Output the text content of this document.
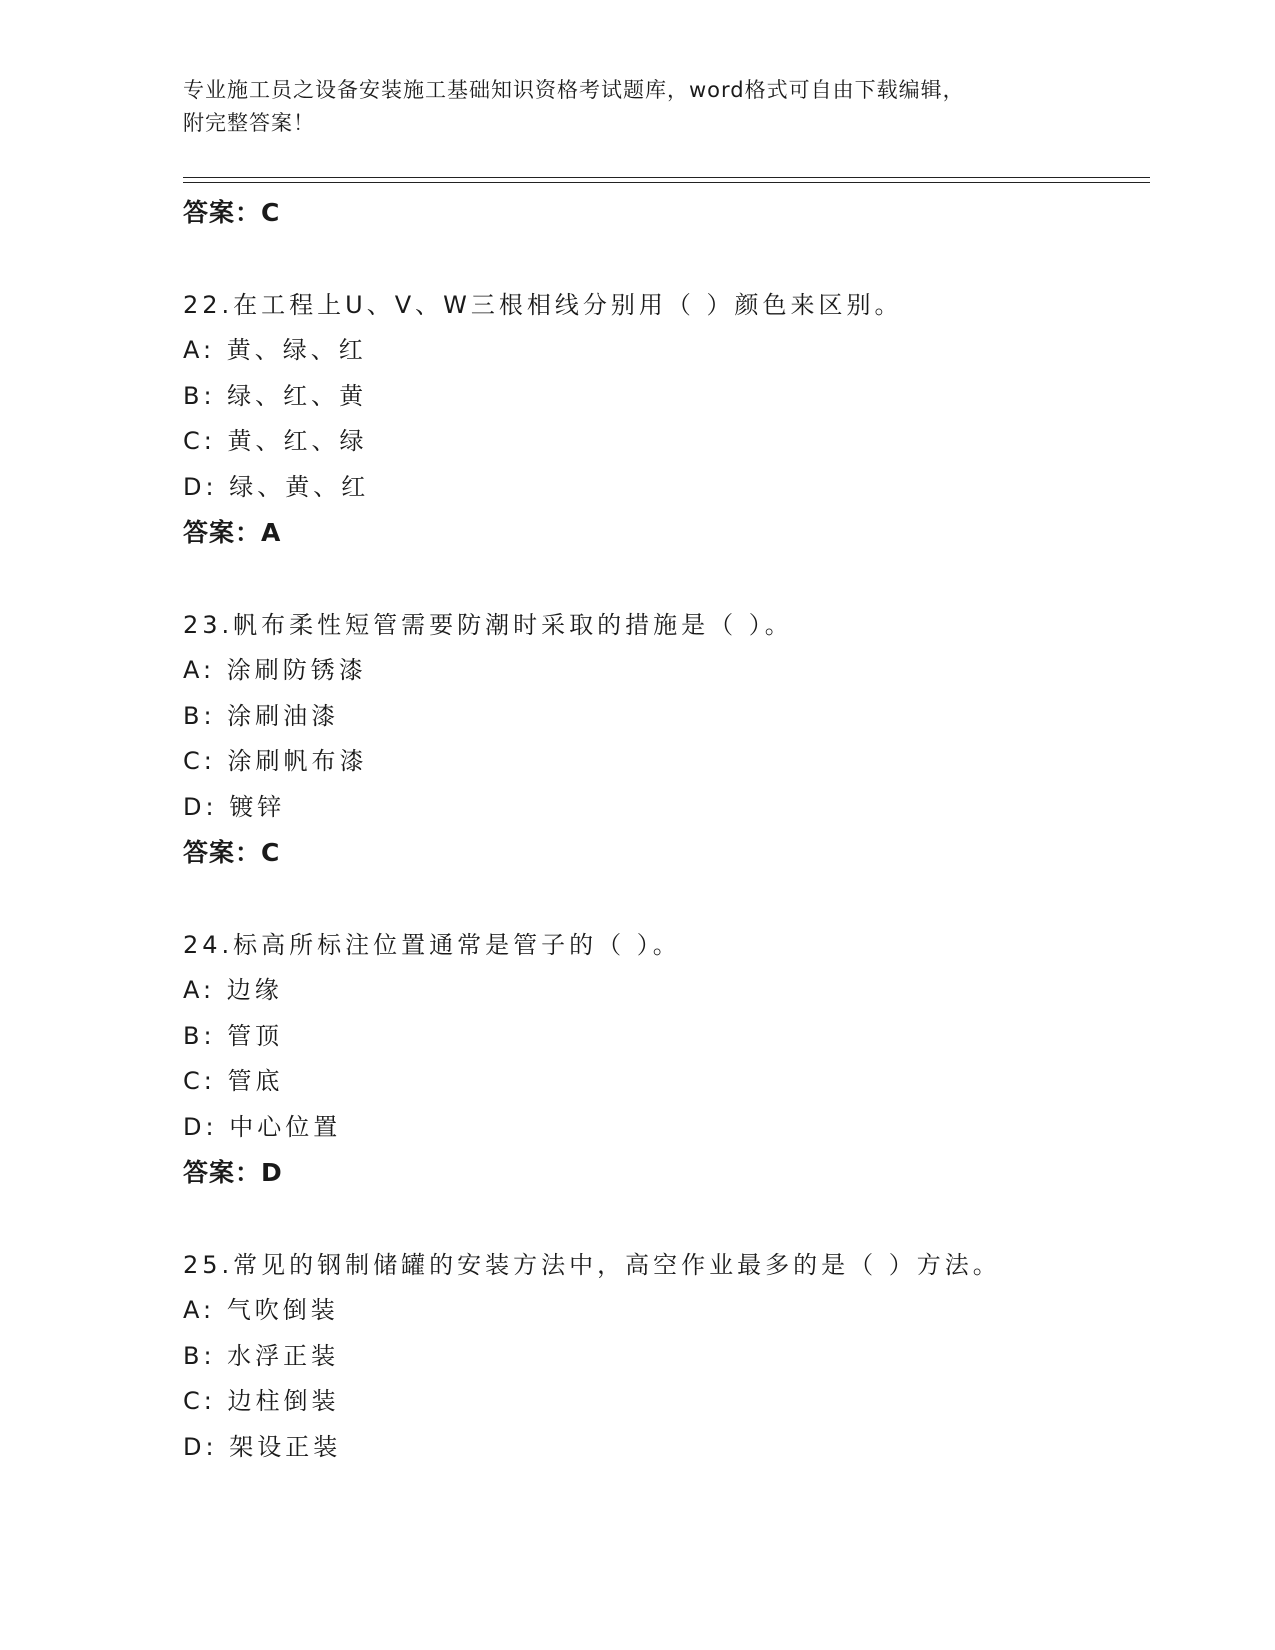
专业施工员之设备安装施工基础知识资格考试题库，word格式可自由下载编辑，
附完整答案！
答案：C
22.在工程上U、V、W三根相线分别用（ ）颜色来区别。
A: 黄、绿、红
B: 绿、红、黄
C: 黄、红、绿
D: 绿、黄、红
答案：A
23.帆布柔性短管需要防潮时采取的措施是（ ）。
A: 涂刷防锈漆
B: 涂刷油漆
C: 涂刷帆布漆
D: 镀锌
答案：C
24.标高所标注位置通常是管子的（ ）。
A: 边缘
B: 管顶
C: 管底
D: 中心位置
答案：D
25.常见的钢制储罐的安装方法中，高空作业最多的是（ ）方法。
A: 气吹倒装
B: 水浮正装
C: 边柱倒装
D: 架设正装
